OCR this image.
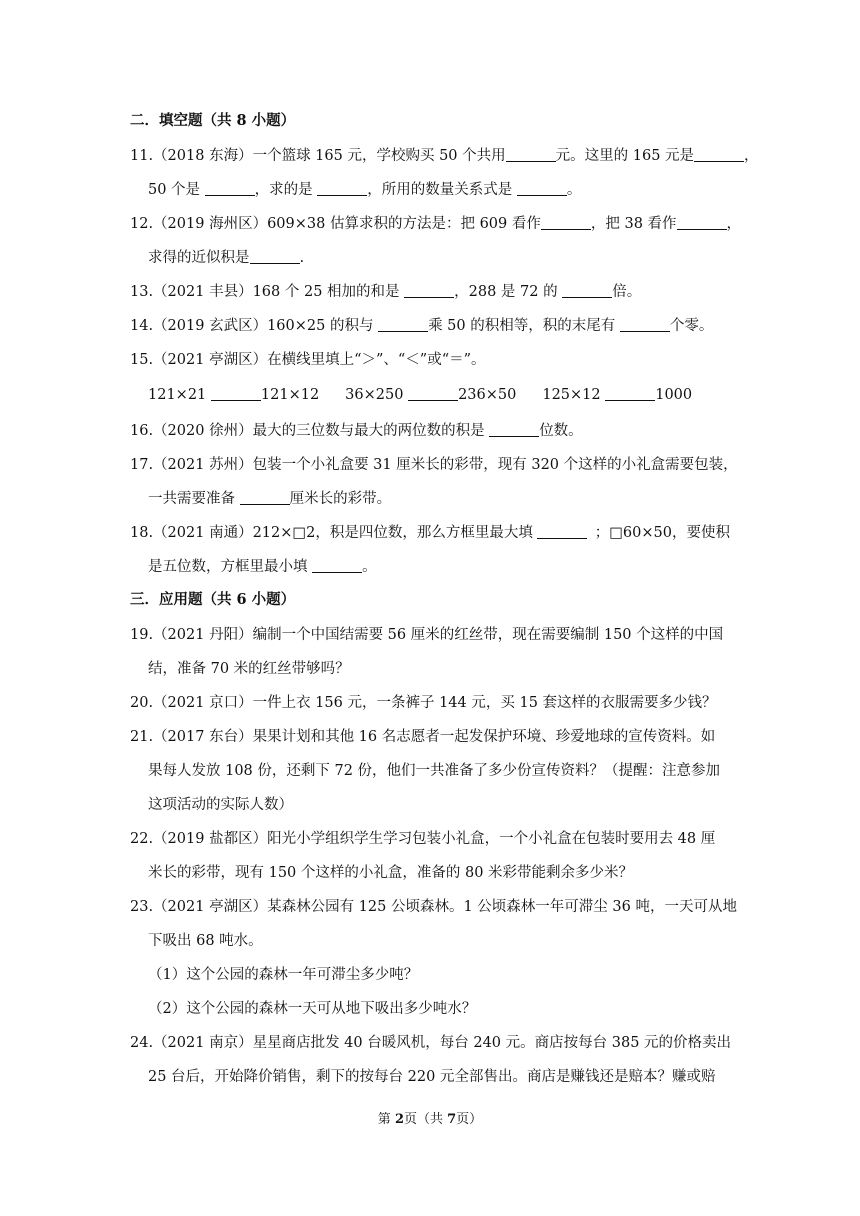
二．填空题（共 8 小题）
11.（2018 东海）一个篮球 165 元，学校购买 50 个共用	元。这里的 165 元是	，
50 个是	，求的是	，所用的数量关系式是	。
12.（2019 海州区）609×38 估算求积的方法是：把 609 看作	，把 38 看作	，
求得的近似积是	.
13.（2021 丰县）168 个 25 相加的和是	，288 是 72 的	倍。
14.（2019 玄武区）160×25 的积与	乘 50 的积相等，积的末尾有	个零。
15.（2021 亭湖区）在横线里填上“＞”、“＜”或“＝”。
121×21	121×12 36×250	236×50 125×12	1000
16.（2020 徐州）最大的三位数与最大的两位数的积是	位数。
17.（2021 苏州）包装一个小礼盒要 31 厘米长的彩带，现有 320 个这样的小礼盒需要包装，
一共需要准备	厘米长的彩带。
18.（2021 南通）212×□2，积是四位数，那么方框里最大填	；□60×50，要使积
是五位数，方框里最小填	。
三．应用题（共 6 小题）
19.（2021 丹阳）编制一个中国结需要 56 厘米的红丝带，现在需要编制 150 个这样的中国
结，准备 70 米的红丝带够吗？
20.（2021 京口）一件上衣 156 元，一条裤子 144 元，买 15 套这样的衣服需要多少钱？
21.（2017 东台）果果计划和其他 16 名志愿者一起发保护环境、珍爱地球的宣传资料。如
果每人发放 108 份，还剩下 72 份，他们一共准备了多少份宣传资料？（提醒：注意参加
这项活动的实际人数）
22.（2019 盐都区）阳光小学组织学生学习包装小礼盒，一个小礼盒在包装时要用去 48 厘
米长的彩带，现有 150 个这样的小礼盒，准备的 80 米彩带能剩余多少米？
23.（2021 亭湖区）某森林公园有 125 公顷森林。1 公顷森林一年可滞尘 36 吨，一天可从地
下吸出 68 吨水。
（1）这个公园的森林一年可滞尘多少吨？
（2）这个公园的森林一天可从地下吸出多少吨水？
24.（2021 南京）星星商店批发 40 台暖风机，每台 240 元。商店按每台 385 元的价格卖出
25 台后，开始降价销售，剩下的按每台 220 元全部售出。商店是赚钱还是赔本？赚或赔
第 2页（共 7页）
